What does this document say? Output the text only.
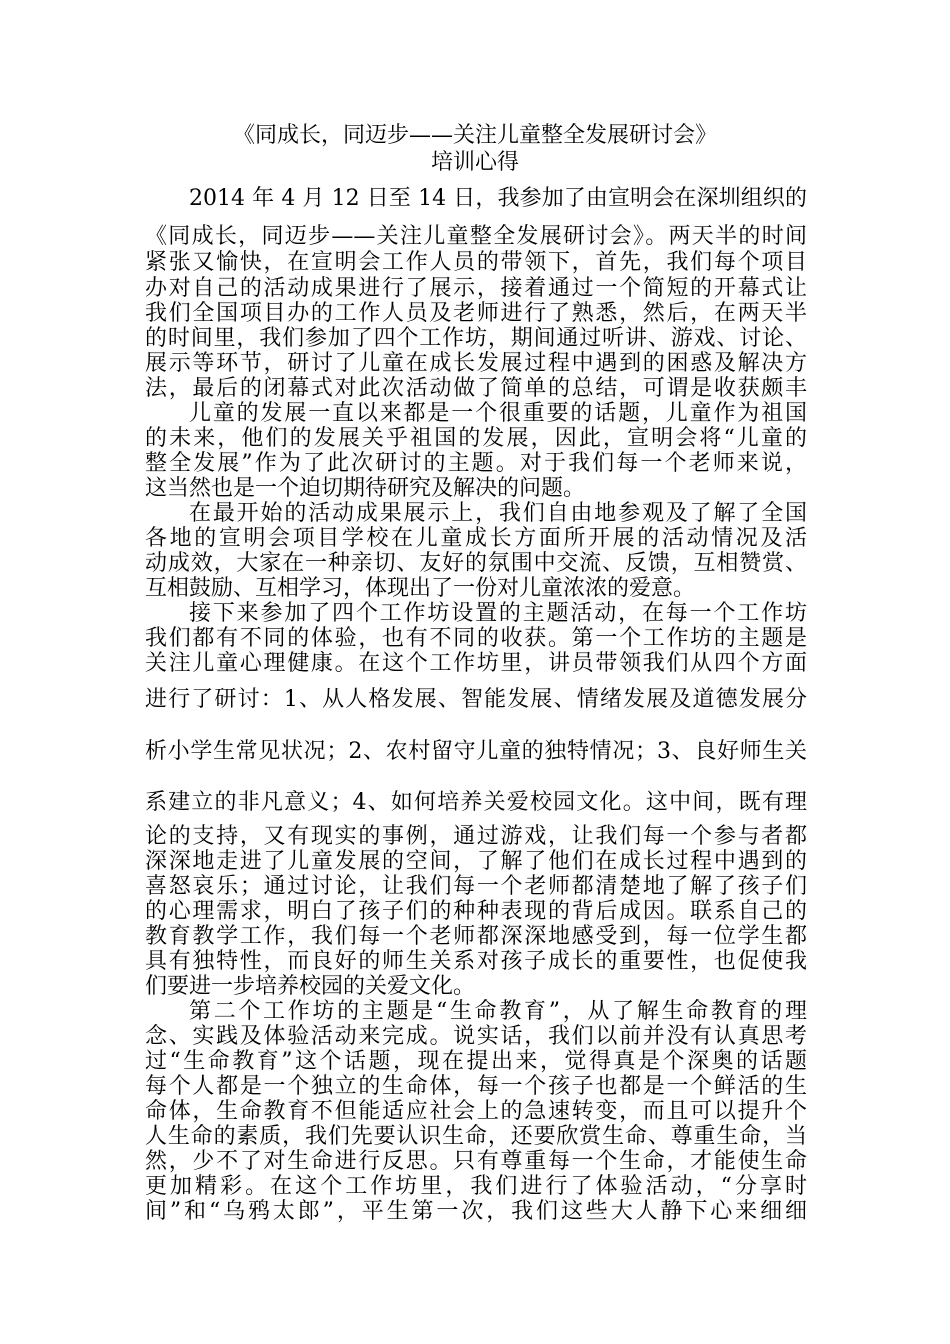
《同成长，同迈步——关注儿童整全发展研讨会》
培训心得
2014 年 4 月 12 日至 14 日，我参加了由宣明会在深圳组织的
《同成长，同迈步——关注儿童整全发展研讨会》。两天半的时间
紧张又愉快，在宣明会工作人员的带领下，首先，我们每个项目
办对自己的活动成果进行了展示，接着通过一个简短的开幕式让
我们全国项目办的工作人员及老师进行了熟悉，然后，在两天半
的时间里，我们参加了四个工作坊，期间通过听讲、游戏、讨论、
展示等环节，研讨了儿童在成长发展过程中遇到的困惑及解决方
法，最后的闭幕式对此次活动做了简单的总结，可谓是收获颇丰
儿童的发展一直以来都是一个很重要的话题，儿童作为祖国
的未来，他们的发展关乎祖国的发展，因此，宣明会将“儿童的
整全发展”作为了此次研讨的主题。对于我们每一个老师来说，
这当然也是一个迫切期待研究及解决的问题。
在最开始的活动成果展示上，我们自由地参观及了解了全国
各地的宣明会项目学校在儿童成长方面所开展的活动情况及活
动成效，大家在一种亲切、友好的氛围中交流、反馈，互相赞赏、
互相鼓励、互相学习，体现出了一份对儿童浓浓的爱意。
接下来参加了四个工作坊设置的主题活动，在每一个工作坊
我们都有不同的体验，也有不同的收获。第一个工作坊的主题是
关注儿童心理健康。在这个工作坊里，讲员带领我们从四个方面
进行了研讨：1、从人格发展、智能发展、情绪发展及道德发展分
析小学生常见状况；2、农村留守儿童的独特情况；3、良好师生关
系建立的非凡意义；4、如何培养关爱校园文化。这中间，既有理
论的支持，又有现实的事例，通过游戏，让我们每一个参与者都
深深地走进了儿童发展的空间，了解了他们在成长过程中遇到的
喜怒哀乐；通过讨论，让我们每一个老师都清楚地了解了孩子们
的心理需求，明白了孩子们的种种表现的背后成因。联系自己的
教育教学工作，我们每一个老师都深深地感受到，每一位学生都
具有独特性，而良好的师生关系对孩子成长的重要性，也促使我
们要进一步培养校园的关爱文化。
第二个工作坊的主题是“生命教育”，从了解生命教育的理
念、实践及体验活动来完成。说实话，我们以前并没有认真思考
过“生命教育”这个话题，现在提出来，觉得真是个深奥的话题
每个人都是一个独立的生命体，每一个孩子也都是一个鲜活的生
命体，生命教育不但能适应社会上的急速转变，而且可以提升个
人生命的素质，我们先要认识生命，还要欣赏生命、尊重生命，当
然，少不了对生命进行反思。只有尊重每一个生命，才能使生命
更加精彩。在这个工作坊里，我们进行了体验活动，“分享时
间”和“乌鸦太郎”，平生第一次，我们这些大人静下心来细细
